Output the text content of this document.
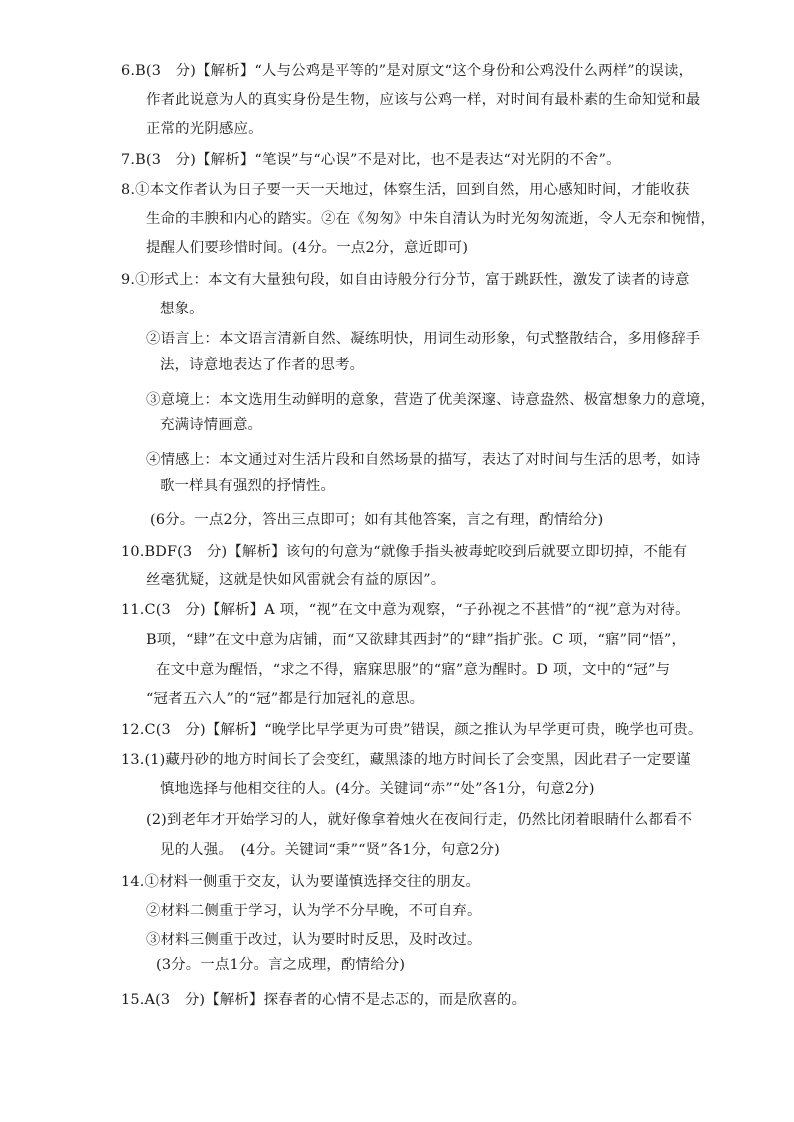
6.B(3　分)【解析】“人与公鸡是平等的”是对原文“这个身份和公鸡没什么两样”的误读，
作者此说意为人的真实身份是生物，应该与公鸡一样，对时间有最朴素的生命知觉和最
正常的光阴感应。
7.B(3　分)【解析】“笔误”与“心误”不是对比，也不是表达“对光阴的不舍”。
8.①本文作者认为日子要一天一天地过，体察生活，回到自然，用心感知时间，才能收获
生命的丰腴和内心的踏实。②在《匆匆》中朱自清认为时光匆匆流逝，令人无奈和惋惜，
提醒人们要珍惜时间。(4分。一点2分，意近即可)
9.①形式上：本文有大量独句段，如自由诗般分行分节，富于跳跃性，激发了读者的诗意
想象。
②语言上：本文语言清新自然、凝练明快，用词生动形象，句式整散结合，多用修辞手
法，诗意地表达了作者的思考。
③意境上：本文选用生动鲜明的意象，营造了优美深邃、诗意盎然、极富想象力的意境，
充满诗情画意。
④情感上：本文通过对生活片段和自然场景的描写，表达了对时间与生活的思考，如诗
歌一样具有强烈的抒情性。
(6分。一点2分，答出三点即可；如有其他答案，言之有理，酌情给分)
10.BDF(3　分)【解析】该句的句意为“就像手指头被毒蛇咬到后就要立即切掉，不能有
丝毫犹疑，这就是快如风雷就会有益的原因”。
11.C(3　分)【解析】A 项，“视”在文中意为观察，“子孙视之不甚惜”的“视”意为对待。
B项，“肆”在文中意为店铺，而“又欲肆其西封”的“肆”指扩张。C 项，“寤”同“悟”，
在文中意为醒悟，“求之不得，寤寐思服”的“寤”意为醒时。D 项，文中的“冠”与
“冠者五六人”的“冠”都是行加冠礼的意思。
12.C(3　分)【解析】“晚学比早学更为可贵”错误，颜之推认为早学更可贵，晚学也可贵。
13.(1)藏丹砂的地方时间长了会变红，藏黑漆的地方时间长了会变黑，因此君子一定要谨
慎地选择与他相交往的人。(4分。关键词“赤”“处”各1分，句意2分)
(2)到老年才开始学习的人，就好像拿着烛火在夜间行走，仍然比闭着眼睛什么都看不
见的人强。　(4分。关键词“秉”“贤”各1分，句意2分)
14.①材料一侧重于交友，认为要谨慎选择交往的朋友。
②材料二侧重于学习，认为学不分早晚，不可自弃。
③材料三侧重于改过，认为要时时反思，及时改过。
(3分。一点1分。言之成理，酌情给分)
15.A(3　分)【解析】探春者的心情不是忐忑的，而是欣喜的。
